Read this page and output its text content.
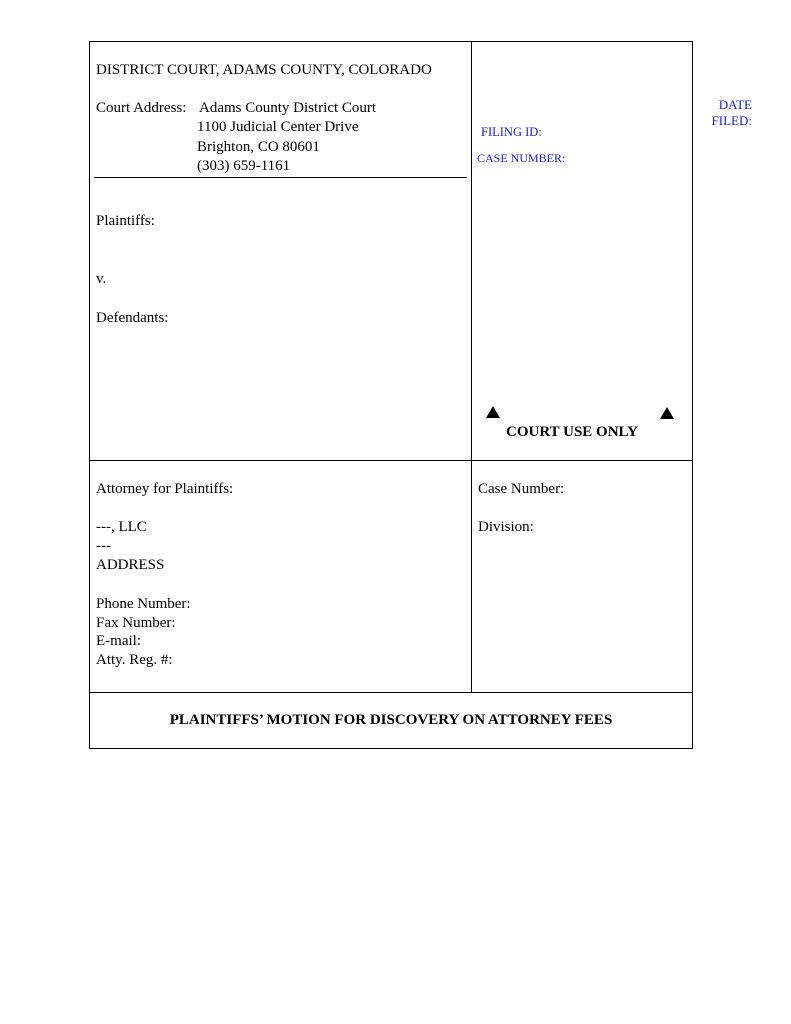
DISTRICT COURT, ADAMS COUNTY, COLORADO
Court Address: Adams County District Court
1100 Judicial Center Drive
Brighton, CO 80601
(303) 659-1161
Plaintiffs:
v.
Defendants:
FILING ID:
CASE NUMBER:
DATE
FILED:
COURT USE ONLY
Attorney for Plaintiffs:
---, LLC
---
ADDRESS
Phone Number:
Fax Number:
E-mail:
Atty. Reg. #:
Case Number:
Division:
PLAINTIFFS’ MOTION FOR DISCOVERY ON ATTORNEY FEES
